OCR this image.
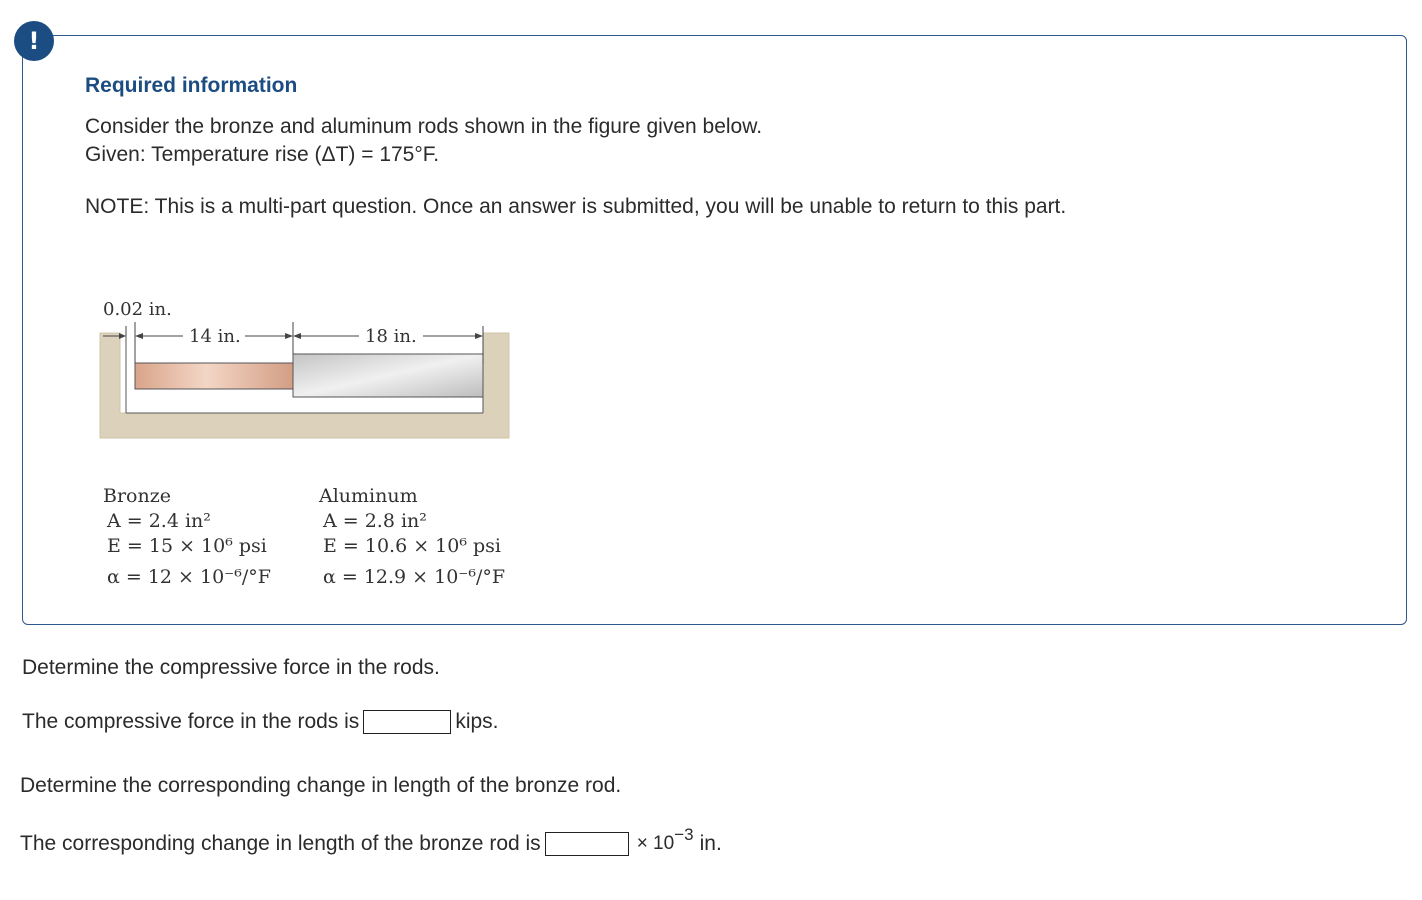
!
Required information
Consider the bronze and aluminum rods shown in the figure given below.
Given: Temperature rise (ΔT) = 175°F.
NOTE: This is a multi-part question. Once an answer is submitted, you will be unable to return to this part.
0.02 in.
14 in.	18 in.
Bronze
A = 2.4 in²
E = 15 × 10⁶ psi
α = 12 × 10⁻⁶/°F
Aluminum
A = 2.8 in²
E = 10.6 × 10⁶ psi
α = 12.9 × 10⁻⁶/°F
Determine the compressive force in the rods.
The compressive force in the rods is	kips.
Determine the corresponding change in length of the bronze rod.
The corresponding change in length of the bronze rod is	× 10 −3 in.
